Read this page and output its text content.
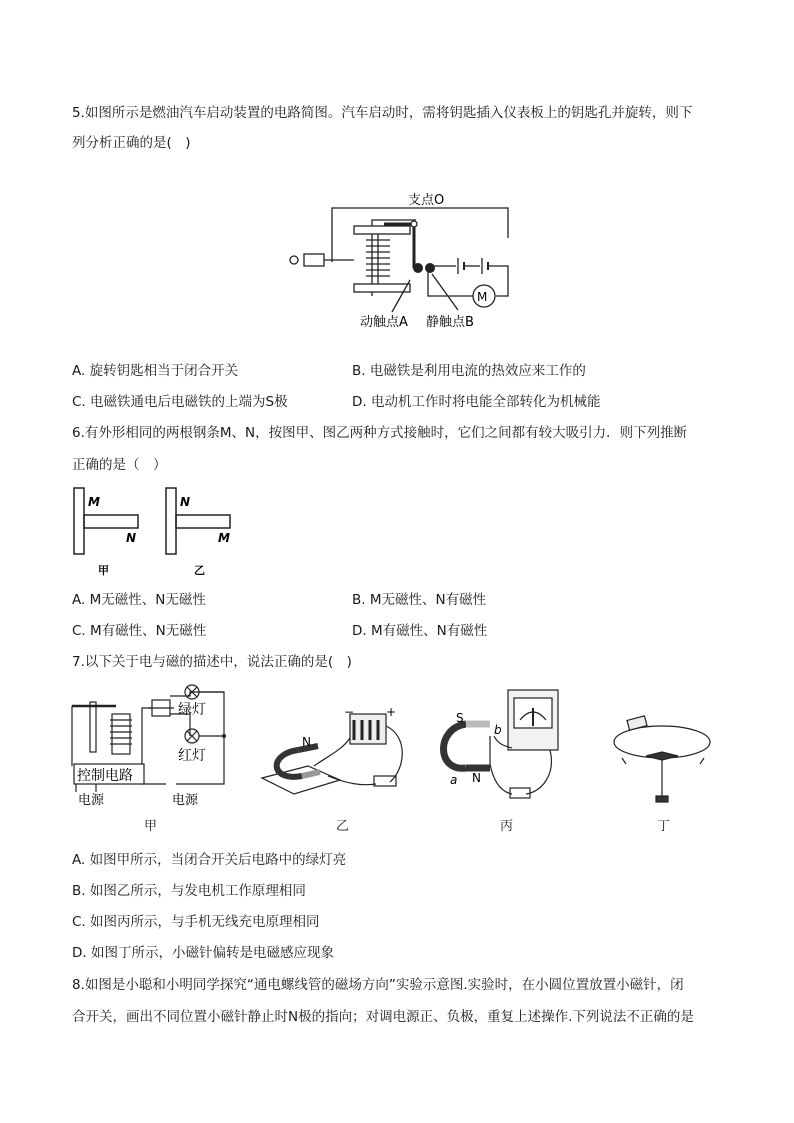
5.如图所示是燃油汽车启动装置的电路简图。汽车启动时，需将钥匙插入仪表板上的钥匙孔并旋转，则下
列分析正确的是(　)
支点O
M
动触点A 静触点B
A. 旋转钥匙相当于闭合开关	B. 电磁铁是利用电流的热效应来工作的
C. 电磁铁通电后电磁铁的上端为S极	D. 电动机工作时将电能全部转化为机械能
6.有外形相同的两根钢条M、N，按图甲、图乙两种方式接触时，它们之间都有较大吸引力．则下列推断
正确的是（　）
M
N
N
M
甲	乙
A. M无磁性、N无磁性	B. M无磁性、N有磁性
C. M有磁性、N无磁性	D. M有磁性、N有磁性
7.以下关于电与磁的描述中，说法正确的是(　)
绿灯
红灯
控制电路
电源	电源
甲
N
−	+
乙
S
N
a
b
丙	丁
A. 如图甲所示，当闭合开关后电路中的绿灯亮
B. 如图乙所示，与发电机工作原理相同
C. 如图丙所示，与手机无线充电原理相同
D. 如图丁所示，小磁针偏转是电磁感应现象
8.如图是小聪和小明同学探究“通电螺线管的磁场方向”实验示意图.实验时，在小圆位置放置小磁针，闭
合开关，画出不同位置小磁针静止时N极的指向；对调电源正、负极，重复上述操作.下列说法不正确的是
